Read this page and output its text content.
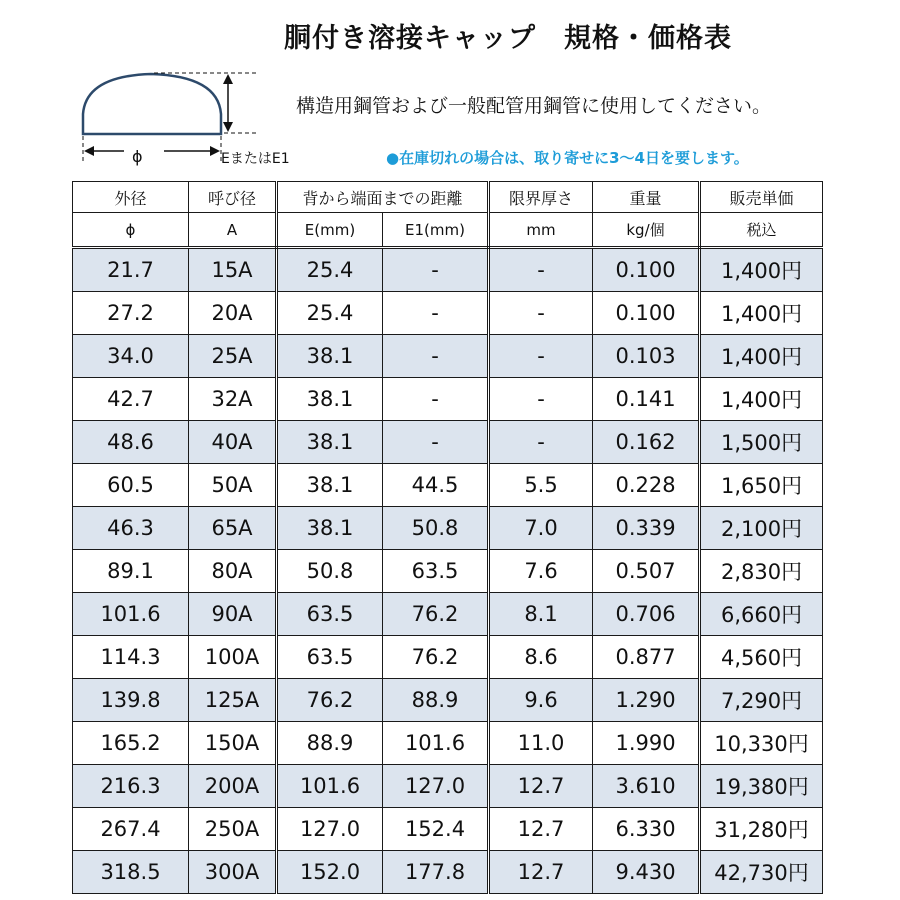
胴付き溶接キャップ　規格・価格表
ϕ	EまたはE1
構造用鋼管および一般配管用鋼管に使用してください。
●在庫切れの場合は、取り寄せに3〜4日を要します。
外径	呼び径	背から端面までの距離		限界厚さ	重量	販売単価
ϕ	A	E(mm)	E1(mm)	mm	kg/個	税込
21.7	15A	25.4	-	-	0.100	1,400円
27.2	20A	25.4	-	-	0.100	1,400円
34.0	25A	38.1	-	-	0.103	1,400円
42.7	32A	38.1	-	-	0.141	1,400円
48.6	40A	38.1	-	-	0.162	1,500円
60.5	50A	38.1	44.5	5.5	0.228	1,650円
46.3	65A	38.1	50.8	7.0	0.339	2,100円
89.1	80A	50.8	63.5	7.6	0.507	2,830円
101.6	90A	63.5	76.2	8.1	0.706	6,660円
114.3	100A	63.5	76.2	8.6	0.877	4,560円
139.8	125A	76.2	88.9	9.6	1.290	7,290円
165.2	150A	88.9	101.6	11.0	1.990	10,330円
216.3	200A	101.6	127.0	12.7	3.610	19,380円
267.4	250A	127.0	152.4	12.7	6.330	31,280円
318.5	300A	152.0	177.8	12.7	9.430	42,730円
